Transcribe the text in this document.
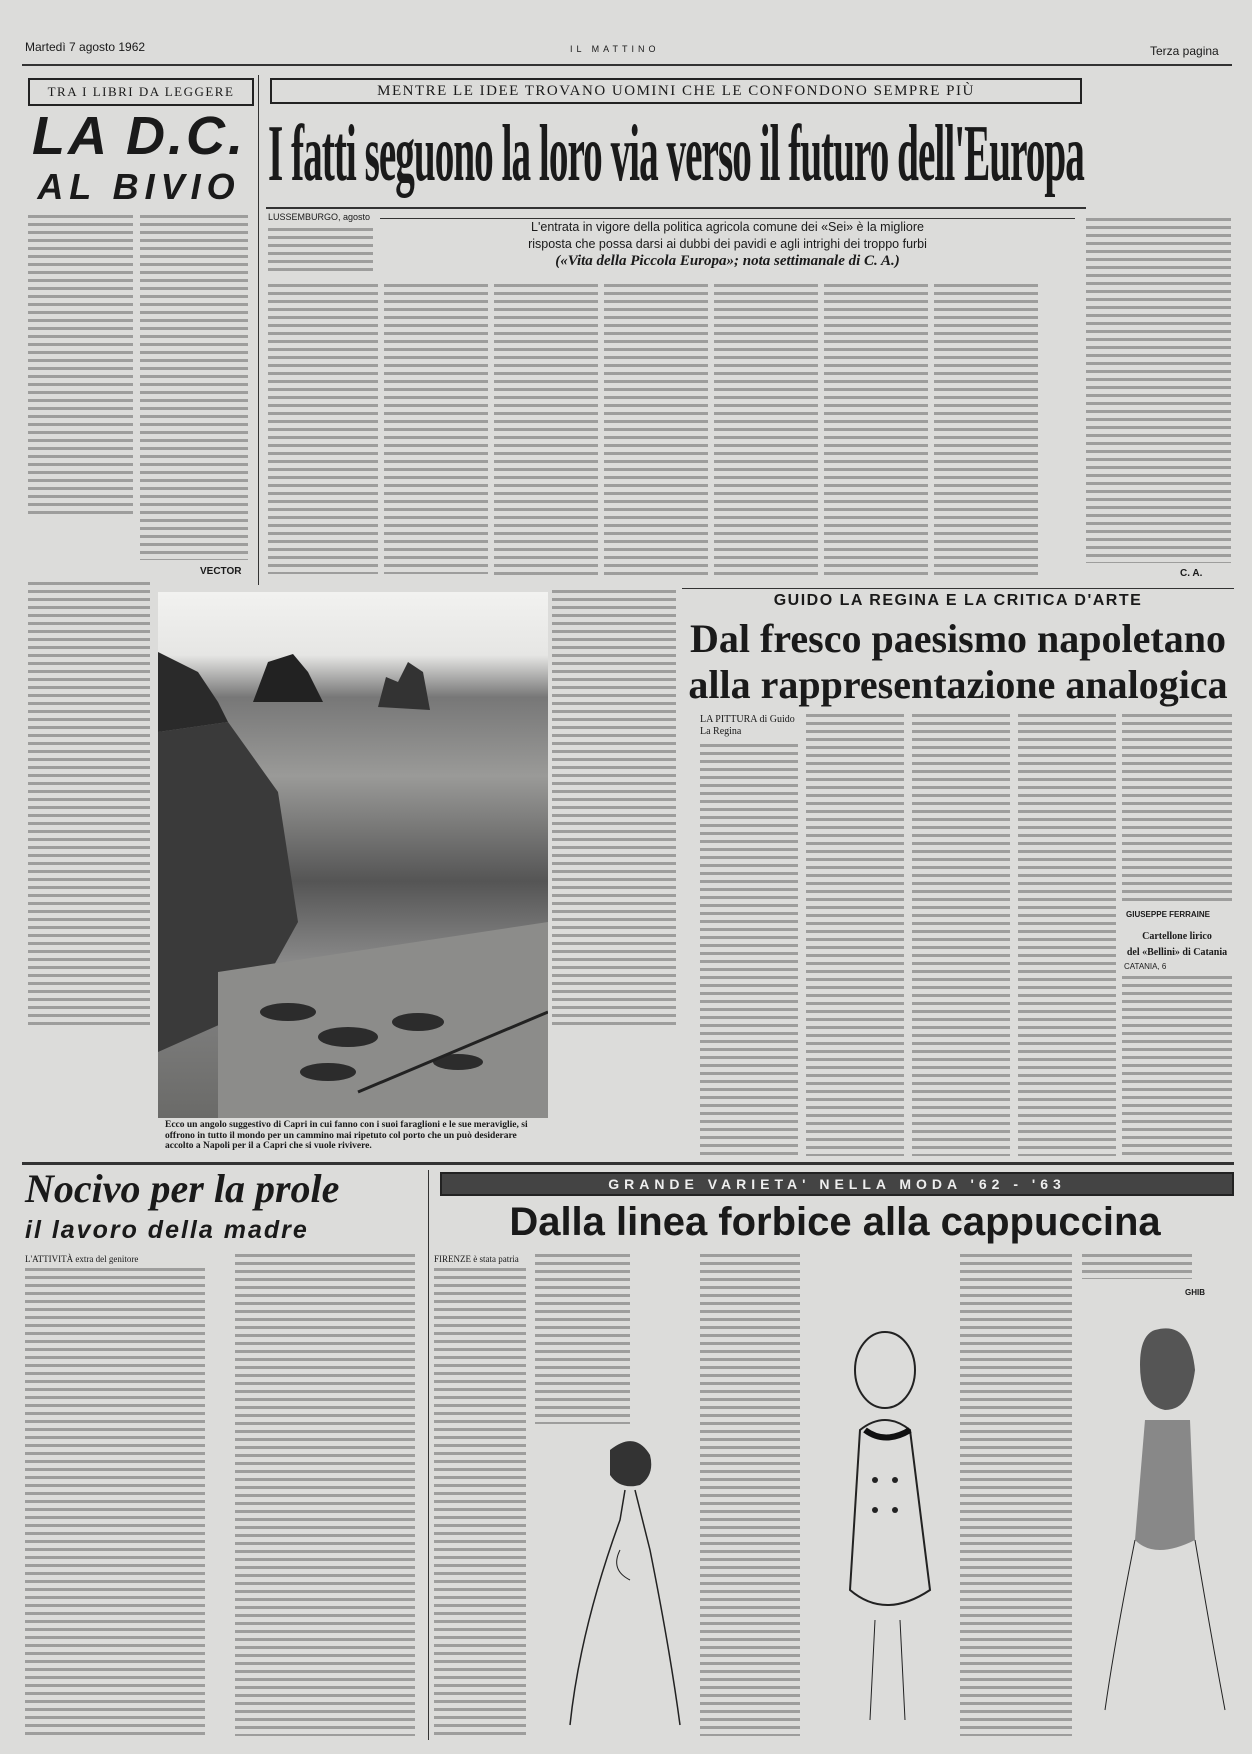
Martedì 7 agosto 1962	IL MATTINO	Terza pagina
TRA I LIBRI DA LEGGERE
LA D.C.
AL BIVIO
VECTOR
MENTRE LE IDEE TROVANO UOMINI CHE LE CONFONDONO SEMPRE PIÙ
I fatti seguono la loro via verso il futuro dell'Europa
LUSSEMBURGO, agosto
L'entrata in vigore della politica agricola comune dei «Sei» è la migliore
risposta che possa darsi ai dubbi dei pavidi e agli intrighi dei troppo furbi
(«Vita della Piccola Europa»; nota settimanale di C. A.)
C. A.
Ecco un angolo suggestivo di Capri in cui fanno con i suoi faraglioni e le sue meraviglie, si offrono in tutto il mondo per un cammino mai ripetuto col porto che un può desiderare accolto a Napoli per il a Capri che si vuole rivivere.
GUIDO LA REGINA E LA CRITICA D'ARTE
Dal fresco paesismo napoletano
alla rappresentazione analogica
LA PITTURA di Guido La Regina
GIUSEPPE FERRAINE
Cartellone lirico
del «Bellini» di Catania
CATANIA, 6
Nocivo per la prole
il lavoro della madre
L'ATTIVITÀ extra del genitore
GRANDE VARIETA' NELLA MODA '62 - '63
Dalla linea forbice alla cappuccina
FIRENZE è stata patria
GHIB
